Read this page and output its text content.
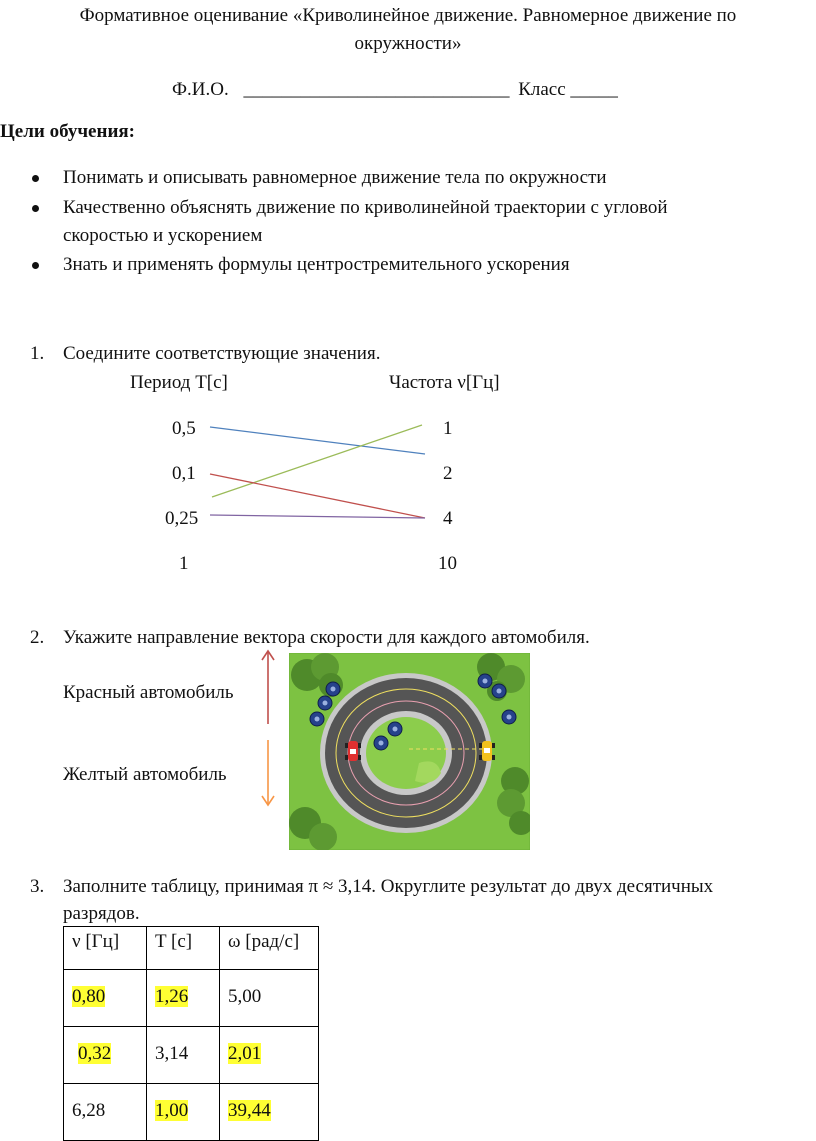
Формативное оценивание «Криволинейное движение. Равномерное движение по
окружности»
Ф.И.О. ____________________________ Класс _____
Цели обучения:
Понимать и описывать равномерное движение тела по окружности
Качественно объяснять движение по криволинейной траектории с угловой
скоростью и ускорением
Знать и применять формулы центростремительного ускорения
1. Соедините соответствующие значения.
Период T[c]	Частота ν[Гц]
0,5
0,1
0,25
1
1
2
4
10
2. Укажите направление вектора скорости для каждого автомобиля.
Красный автомобиль
Желтый автомобиль
3. Заполните таблицу, принимая π ≈ 3,14. Округлите результат до двух десятичных
разрядов.
ν [Гц]	T [c]	ω [рад/с]
0,80	1,26	5,00
0,32	3,14	2,01
6,28	1,00	39,44
